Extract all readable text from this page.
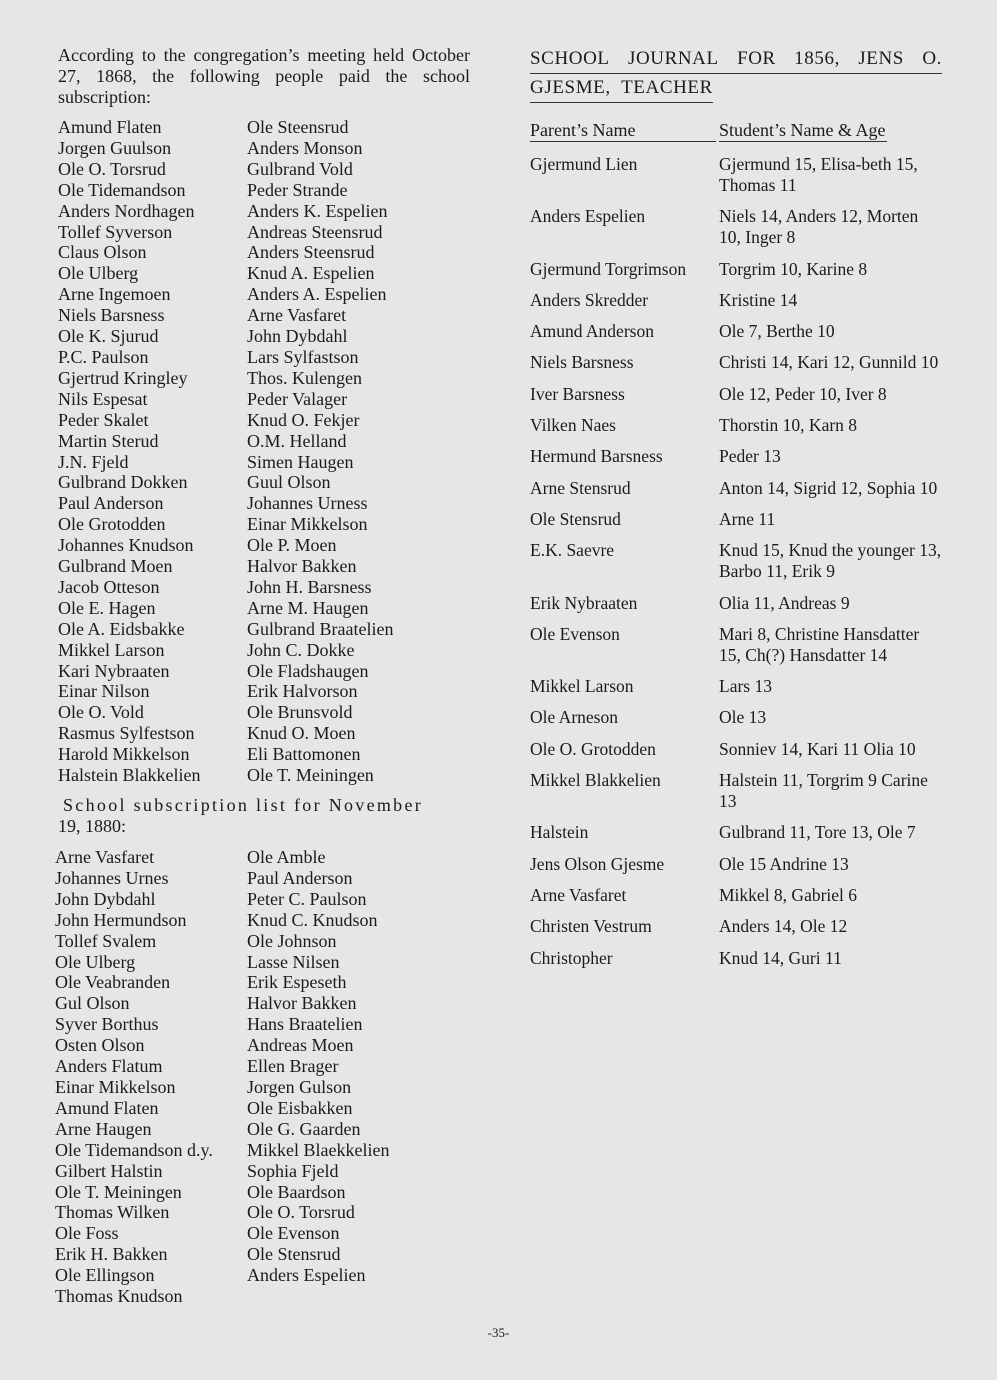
According to the congregation’s meeting held October 27, 1868, the following people paid the school subscription:

Amund Flaten
Jorgen Guulson
Ole O. Torsrud
Ole Tidemandson
Anders Nordhagen
Tollef Syverson
Claus Olson
Ole Ulberg
Arne Ingemoen
Niels Barsness
Ole K. Sjurud
P.C. Paulson
Gjertrud Kringley
Nils Espesat
Peder Skalet
Martin Sterud
J.N. Fjeld
Gulbrand Dokken
Paul Anderson
Ole Grotodden
Johannes Knudson
Gulbrand Moen
Jacob Otteson
Ole E. Hagen
Ole A. Eidsbakke
Mikkel Larson
Kari Nybraaten
Einar Nilson
Ole O. Vold
Rasmus Sylfestson
Harold Mikkelson
Halstein Blakkelien
Ole Steensrud
Anders Monson
Gulbrand Vold
Peder Strande
Anders K. Espelien
Andreas Steensrud
Anders Steensrud
Knud A. Espelien
Anders A. Espelien
Arne Vasfaret
John Dybdahl
Lars Sylfastson
Thos. Kulengen
Peder Valager
Knud O. Fekjer
O.M. Helland
Simen Haugen
Guul Olson
Johannes Urness
Einar Mikkelson
Ole P. Moen
Halvor Bakken
John H. Barsness
Arne M. Haugen
Gulbrand Braatelien
John C. Dokke
Ole Fladshaugen
Erik Halvorson
Ole Brunsvold
Knud O. Moen
Eli Battomonen
Ole T. Meiningen

School subscription list for November

19, 1880:

Arne Vasfaret
Johannes Urnes
John Dybdahl
John Hermundson
Tollef Svalem
Ole Ulberg
Ole Veabranden
Gul Olson
Syver Borthus
Osten Olson
Anders Flatum
Einar Mikkelson
Amund Flaten
Arne Haugen
Ole Tidemandson d.y.
Gilbert Halstin
Ole T. Meiningen
Thomas Wilken
Ole Foss
Erik H. Bakken
Ole Ellingson
Thomas Knudson
Ole Amble
Paul Anderson
Peter C. Paulson
Knud C. Knudson
Ole Johnson
Lasse Nilsen
Erik Espeseth
Halvor Bakken
Hans Braatelien
Andreas Moen
Ellen Brager
Jorgen Gulson
Ole Eisbakken
Ole G. Gaarden
Mikkel Blaekkelien
Sophia Fjeld
Ole Baardson
Ole O. Torsrud
Ole Evenson
Ole Stensrud
Anders Espelien
SCHOOL JOURNAL FOR 1856, JENS O.
GJESME,  TEACHER
Parent’s Name	Student’s Name & Age
Gjermund Lien	Gjermund 15, Elisa-beth 15, Thomas 11
Anders Espelien	Niels 14, Anders 12, Morten 10, Inger 8
Gjermund Torgrimson	Torgrim 10, Karine 8
Anders Skredder	Kristine 14
Amund Anderson	Ole 7, Berthe 10
Niels Barsness	Christi 14, Kari 12, Gunnild 10
Iver Barsness	Ole 12, Peder 10, Iver 8
Vilken Naes	Thorstin 10, Karn 8
Hermund Barsness	Peder 13
Arne Stensrud	Anton 14, Sigrid 12, Sophia 10
Ole Stensrud	Arne 11
E.K. Saevre	Knud 15, Knud the younger 13, Barbo 11, Erik 9
Erik Nybraaten	Olia 11, Andreas 9
Ole Evenson	Mari 8, Christine Hansdatter 15, Ch(?) Hansdatter 14
Mikkel Larson	Lars 13
Ole Arneson	Ole 13
Ole O. Grotodden	Sonniev 14, Kari 11 Olia 10
Mikkel Blakkelien	Halstein 11, Torgrim 9 Carine 13
Halstein	Gulbrand 11, Tore 13, Ole 7
Jens Olson Gjesme	Ole 15 Andrine 13
Arne Vasfaret	Mikkel 8, Gabriel 6
Christen Vestrum	Anders 14, Ole 12
Christopher	Knud 14, Guri 11
-35-
